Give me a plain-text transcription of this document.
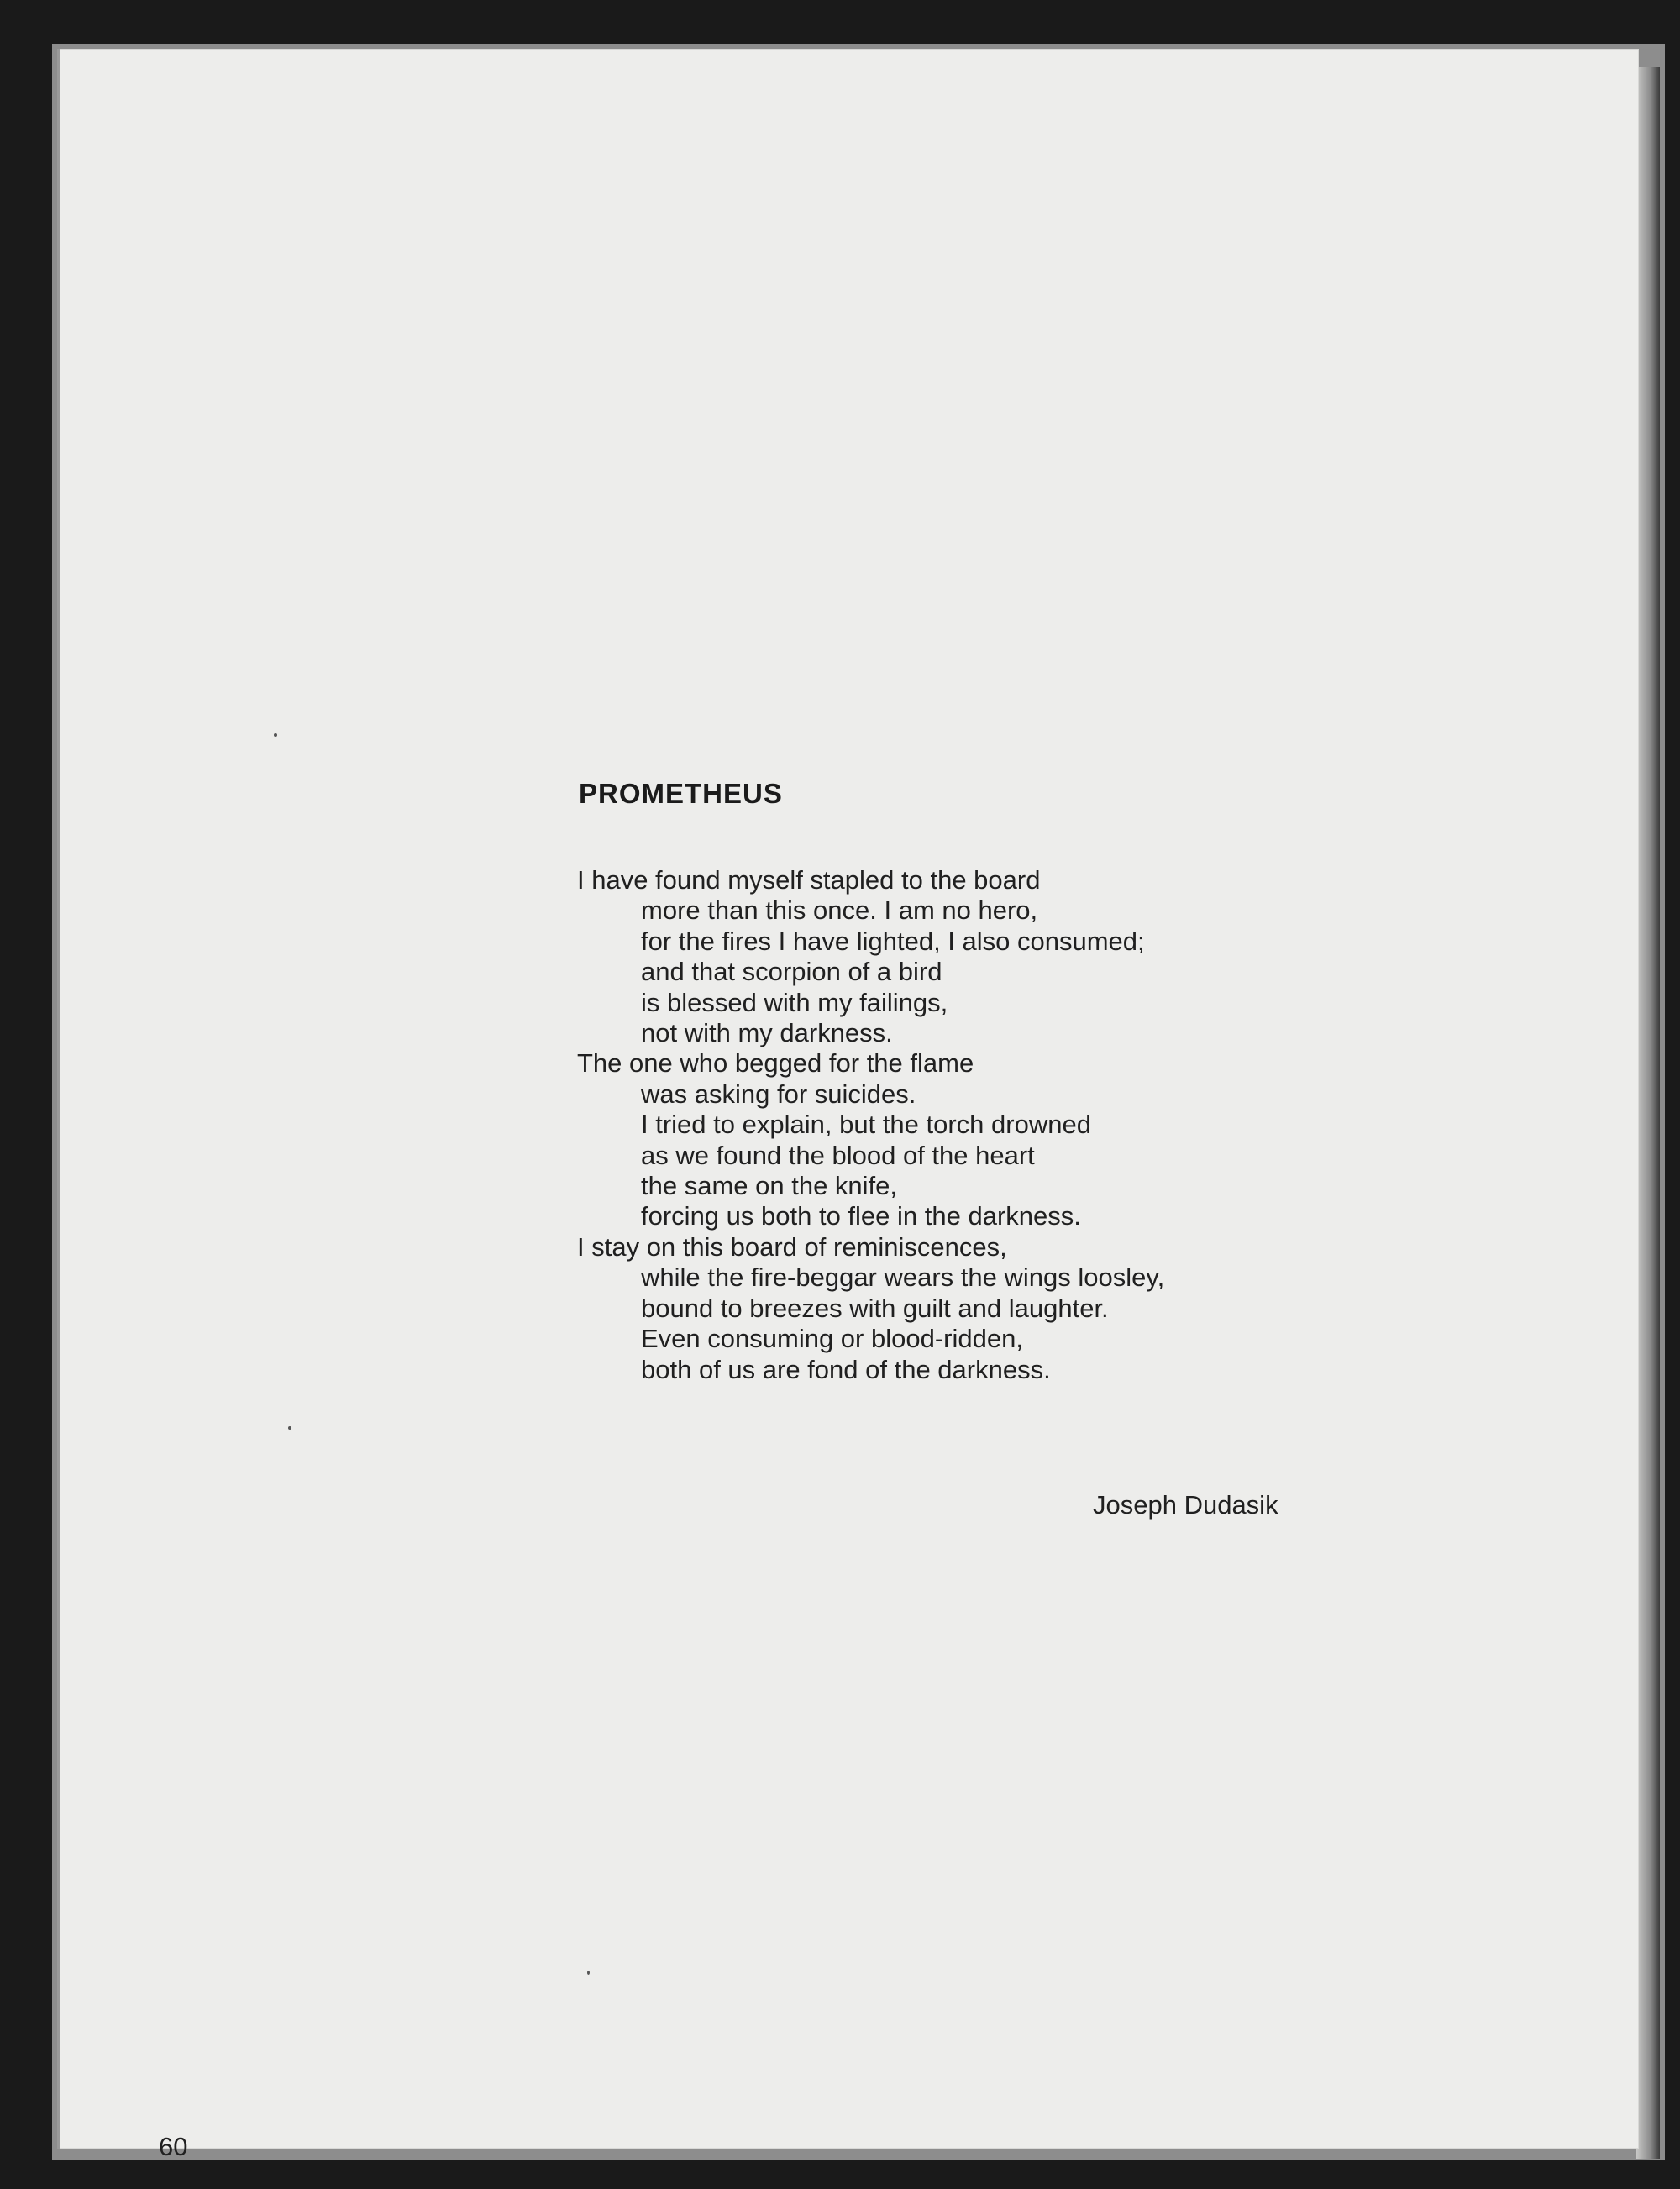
PROMETHEUS
I have found myself stapled to the board
more than this once. I am no hero,
for the fires I have lighted, I also consumed;
and that scorpion of a bird
is blessed with my failings,
not with my darkness.
The one who begged for the flame
was asking for suicides.
I tried to explain, but the torch drowned
as we found the blood of the heart
the same on the knife,
forcing us both to flee in the darkness.
I stay on this board of reminiscences,
while the fire-beggar wears the wings loosley,
bound to breezes with guilt and laughter.
Even consuming or blood-ridden,
both of us are fond of the darkness.
Joseph Dudasik
60
